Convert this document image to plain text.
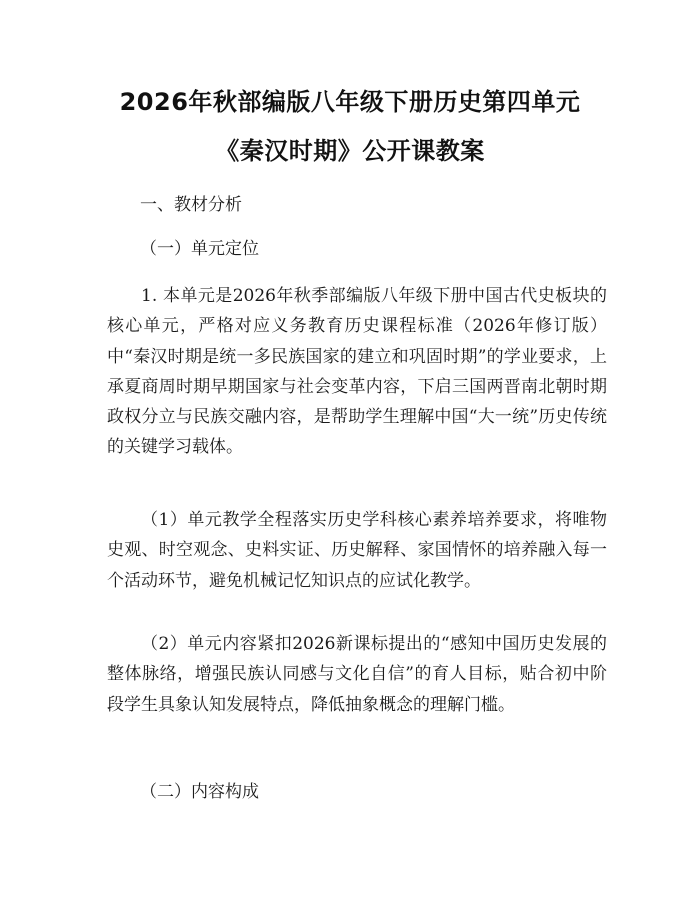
2026年秋部编版八年级下册历史第四单元
《秦汉时期》公开课教案
一、教材分析
（一）单元定位

1. 本单元是2026年秋季部编版八年级下册中国古代史板块的核心单元，严格对应义务教育历史课程标准（2026年修订版）中“秦汉时期是统一多民族国家的建立和巩固时期”的学业要求，上承夏商周时期早期国家与社会变革内容，下启三国两晋南北朝时期政权分立与民族交融内容，是帮助学生理解中国“大一统”历史传统的关键学习载体。

（1）单元教学全程落实历史学科核心素养培养要求，将唯物史观、时空观念、史料实证、历史解释、家国情怀的培养融入每一个活动环节，避免机械记忆知识点的应试化教学。

（2）单元内容紧扣2026新课标提出的“感知中国历史发展的整体脉络，增强民族认同感与文化自信”的育人目标，贴合初中阶段学生具象认知发展特点，降低抽象概念的理解门槛。

（二）内容构成
